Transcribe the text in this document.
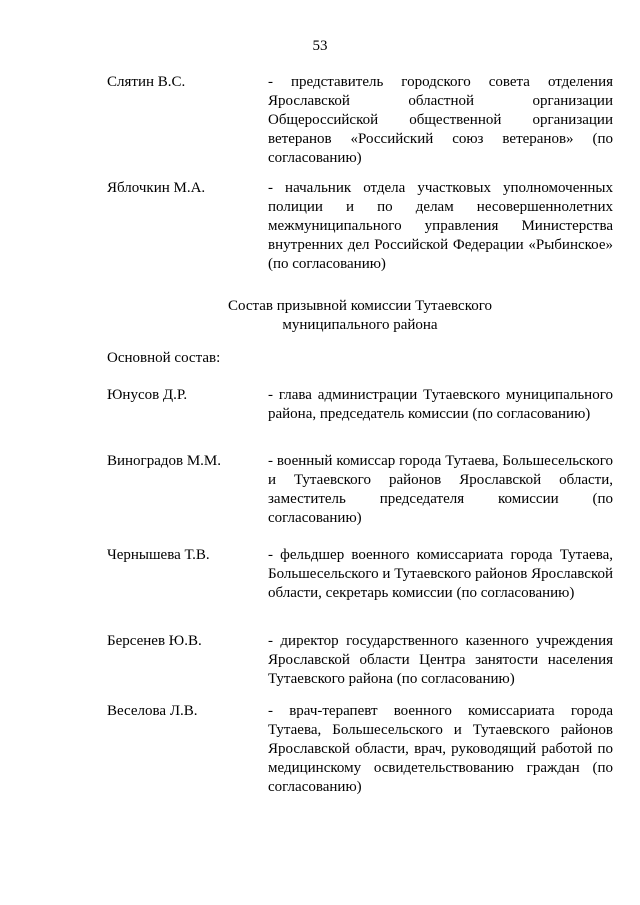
53
Слятин В.С.	- представитель городского совета отделения Ярославской областной организации Общероссийской общественной организации ветеранов «Российский союз ветеранов» (по согласованию)
Яблочкин М.А.	- начальник отдела участковых уполномоченных полиции и по делам несовершеннолетних межмуниципального управления Министерства внутренних дел Российской Федерации «Рыбинское» (по согласованию)
Состав призывной комиссии Тутаевского
муниципального района
Основной состав:
Юнусов Д.Р.	- глава администрации Тутаевского муниципального района, председатель комиссии (по согласованию)
Виноградов М.М.	- военный комиссар города Тутаева, Большесельского и Тутаевского районов Ярославской области, заместитель председателя комиссии (по согласованию)
Чернышева Т.В.	- фельдшер военного комиссариата города Тутаева, Большесельского и Тутаевского районов Ярославской области, секретарь комиссии (по согласованию)
Берсенев Ю.В.	- директор государственного казенного учреждения Ярославской области Центра занятости населения Тутаевского района (по согласованию)
Веселова Л.В.	- врач-терапевт военного комиссариата города Тутаева, Большесельского и Тутаевского районов Ярославской области, врач, руководящий работой по медицинскому освидетельствованию граждан (по согласованию)
